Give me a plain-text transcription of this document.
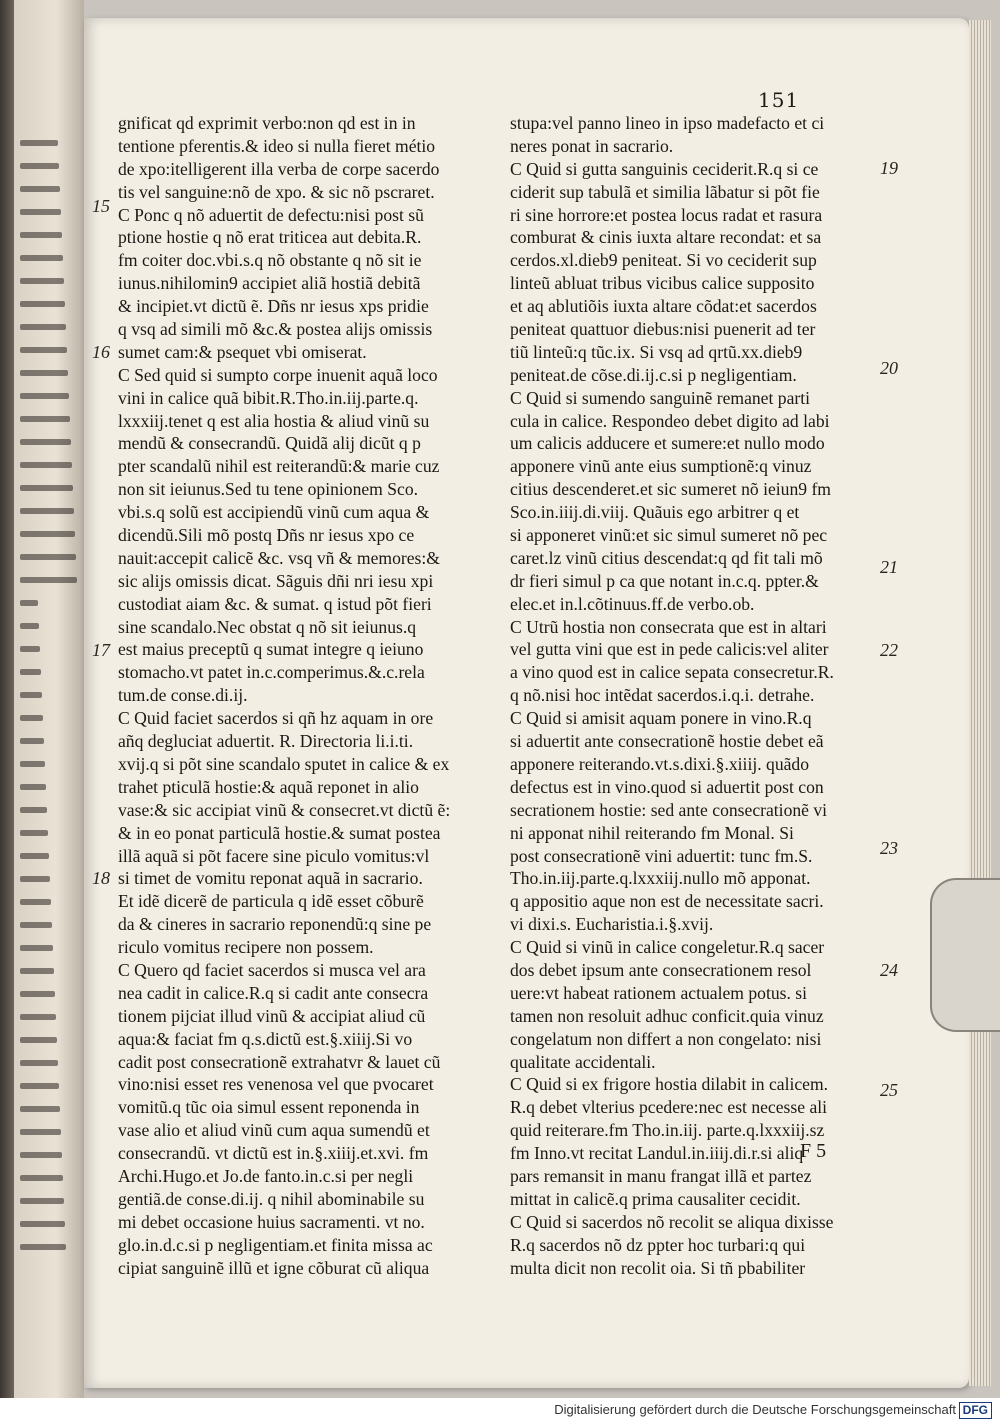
151
gnificat qd exprimit verbo:non qd est in in
tentione pferentis.& ideo si nulla fieret métio
de xpo:itelligerent illa verba de corpe sacerdo
tis vel sanguine:nõ de xpo. & sic nõ pscraret.
C Ponc q nõ aduertit de defectu:nisi post sũ
ptione hostie q nõ erat triticea aut debita.R.
fm coiter doc.vbi.s.q nõ obstante q nõ sit ie
iunus.nihilomin9 accipiet aliã hostiã debitã
& incipiet.vt dictũ ẽ. Dñs nr iesus xps pridie
q vsq ad simili mõ &c.& postea alijs omissis
sumet cam:& psequet vbi omiserat.
C Sed quid si sumpto corpe inuenit aquã loco
vini in calice quã bibit.R.Tho.in.iij.parte.q.
lxxxiij.tenet q est alia hostia & aliud vinũ su
mendũ & consecrandũ. Quidã alij dicũt q p
pter scandalũ nihil est reiterandũ:& marie cuz
non sit ieiunus.Sed tu tene opinionem Sco.
vbi.s.q solũ est accipiendũ vinũ cum aqua &
dicendũ.Sili mõ postq Dñs nr iesus xpo ce
nauit:accepit calicẽ &c. vsq vñ & memores:&
sic alijs omissis dicat. Sãguis dñi nri iesu xpi
custodiat aiam &c. & sumat. q istud põt fieri
sine scandalo.Nec obstat q nõ sit ieiunus.q
est maius preceptũ q sumat integre q ieiuno
stomacho.vt patet in.c.comperimus.&.c.rela
tum.de conse.di.ij.
C Quid faciet sacerdos si qñ hz aquam in ore
añq degluciat aduertit. R. Directoria li.i.ti.
xvij.q si põt sine scandalo sputet in calice & ex
trahet pticulã hostie:& aquã reponet in alio
vase:& sic accipiat vinũ & consecret.vt dictũ ẽ:
& in eo ponat particulã hostie.& sumat postea
illã aquã si põt facere sine piculo vomitus:vl
si timet de vomitu reponat aquã in sacrario.
Et idẽ dicerẽ de particula q idẽ esset cõburẽ
da & cineres in sacrario reponendũ:q sine pe
riculo vomitus recipere non possem.
C Quero qd faciet sacerdos si musca vel ara
nea cadit in calice.R.q si cadit ante consecra
tionem pijciat illud vinũ & accipiat aliud cũ
aqua:& faciat fm q.s.dictũ est.§.xiiij.Si vo
cadit post consecrationẽ extrahatvr & lauet cũ
vino:nisi esset res venenosa vel que pvocaret
vomitũ.q tũc oia simul essent reponenda in
vase alio et aliud vinũ cum aqua sumendũ et
consecrandũ. vt dictũ est in.§.xiiij.et.xvi. fm
Archi.Hugo.et Jo.de fanto.in.c.si per negli
gentiã.de conse.di.ij. q nihil abominabile su
mi debet occasione huius sacramenti. vt no.
glo.in.d.c.si p negligentiam.et finita missa ac
cipiat sanguinẽ illũ et igne cõburat cũ aliqua
stupa:vel panno lineo in ipso madefacto et ci
neres ponat in sacrario.
C Quid si gutta sanguinis ceciderit.R.q si ce
ciderit sup tabulã et similia lãbatur si põt fie
ri sine horrore:et postea locus radat et rasura
comburat & cinis iuxta altare recondat: et sa
cerdos.xl.dieb9 peniteat. Si vo ceciderit sup
linteũ abluat tribus vicibus calice supposito
et aq ablutiõis iuxta altare cõdat:et sacerdos
peniteat quattuor diebus:nisi puenerit ad ter
tiũ linteũ:q tũc.ix. Si vsq ad qrtũ.xx.dieb9
peniteat.de cõse.di.ij.c.si p negligentiam.
C Quid si sumendo sanguinẽ remanet parti
cula in calice. Respondeo debet digito ad labi
um calicis adducere et sumere:et nullo modo
apponere vinũ ante eius sumptionẽ:q vinuz
citius descenderet.et sic sumeret nõ ieiun9 fm
Sco.in.iiij.di.viij. Quãuis ego arbitrer q et
si apponeret vinũ:et sic simul sumeret nõ pec
caret.lz vinũ citius descendat:q qd fit tali mõ
dr fieri simul p ca que notant in.c.q. ppter.&
elec.et in.l.cõtinuus.ff.de verbo.ob.
C Utrũ hostia non consecrata que est in altari
vel gutta vini que est in pede calicis:vel aliter
a vino quod est in calice sepata consecretur.R.
q nõ.nisi hoc intẽdat sacerdos.i.q.i. detrahe.
C Quid si amisit aquam ponere in vino.R.q
si aduertit ante consecrationẽ hostie debet eã
apponere reiterando.vt.s.dixi.§.xiiij. quãdo
defectus est in vino.quod si aduertit post con
secrationem hostie: sed ante consecrationẽ vi
ni apponat nihil reiterando fm Monal. Si
post consecrationẽ vini aduertit: tunc fm.S.
Tho.in.iij.parte.q.lxxxiij.nullo mõ apponat.
q appositio aque non est de necessitate sacri.
vi dixi.s. Eucharistia.i.§.xvij.
C Quid si vinũ in calice congeletur.R.q sacer
dos debet ipsum ante consecrationem resol
uere:vt habeat rationem actualem potus. si
tamen non resoluit adhuc conficit.quia vinuz
congelatum non differt a non congelato: nisi
qualitate accidentali.
C Quid si ex frigore hostia dilabit in calicem.
R.q debet vlterius pcedere:nec est necesse ali
quid reiterare.fm Tho.in.iij. parte.q.lxxxiij.sz
fm Inno.vt recitat Landul.in.iiij.di.r.si aliq
pars remansit in manu frangat illã et partez
mittat in calicẽ.q prima causaliter cecidit.
C Quid si sacerdos nõ recolit se aliqua dixisse
R.q sacerdos nõ dz ppter hoc turbari:q qui
multa dicit non recolit oia. Si tñ pbabiliter
15
16
17
18
19
20
21
22
23
24
25
F 5
Digitalisierung gefördert durch die Deutsche Forschungsgemeinschaft DFG
